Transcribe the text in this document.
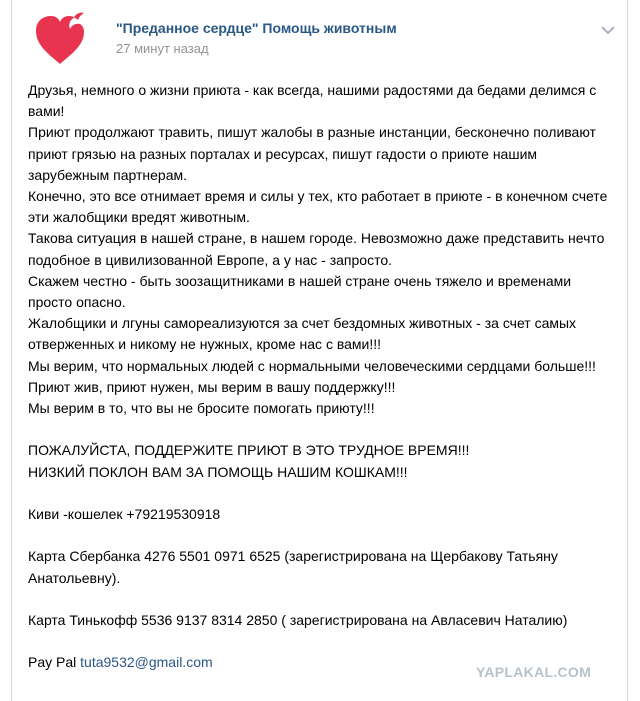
"Преданное сердце" Помощь животным
27 минут назад

Друзья, немного о жизни приюта - как всегда, нашими радостями да бедами делимся с вами!

Приют продолжают травить, пишут жалобы в разные инстанции, бесконечно поливают приют грязью на разных порталах и ресурсах, пишут гадости о приюте нашим зарубежным партнерам.

Конечно, это все отнимает время и силы у тех, кто работает в приюте - в конечном счете эти жалобщики вредят животным.

Такова ситуация в нашей стране, в нашем городе. Невозможно даже представить нечто подобное в цивилизованной Европе, а у нас - запросто.

Скажем честно - быть зоозащитниками в нашей стране очень тяжело и временами просто опасно.

Жалобщики и лгуны самореализуются за счет бездомных животных - за счет самых отверженных и никому не нужных, кроме нас с вами!!!

Мы верим, что нормальных людей с нормальными человеческими сердцами больше!!!

Приют жив, приют нужен, мы верим в вашу поддержку!!!

Мы верим в то, что вы не бросите помогать приюту!!!

ПОЖАЛУЙСТА, ПОДДЕРЖИТЕ ПРИЮТ В ЭТО ТРУДНОЕ ВРЕМЯ!!!

НИЗКИЙ ПОКЛОН ВАМ ЗА ПОМОЩЬ НАШИМ КОШКАМ!!!

Киви -кошелек +79219530918

Карта Сбербанка 4276 5501 0971 6525 (зарегистрирована на Щербакову Татьяну Анатольевну).

Карта Тинькофф 5536 9137 8314 2850 ( зарегистрирована на Авласевич Наталию)

Pay Pal tuta9532@gmail.com

YAPLAKAL.COM
